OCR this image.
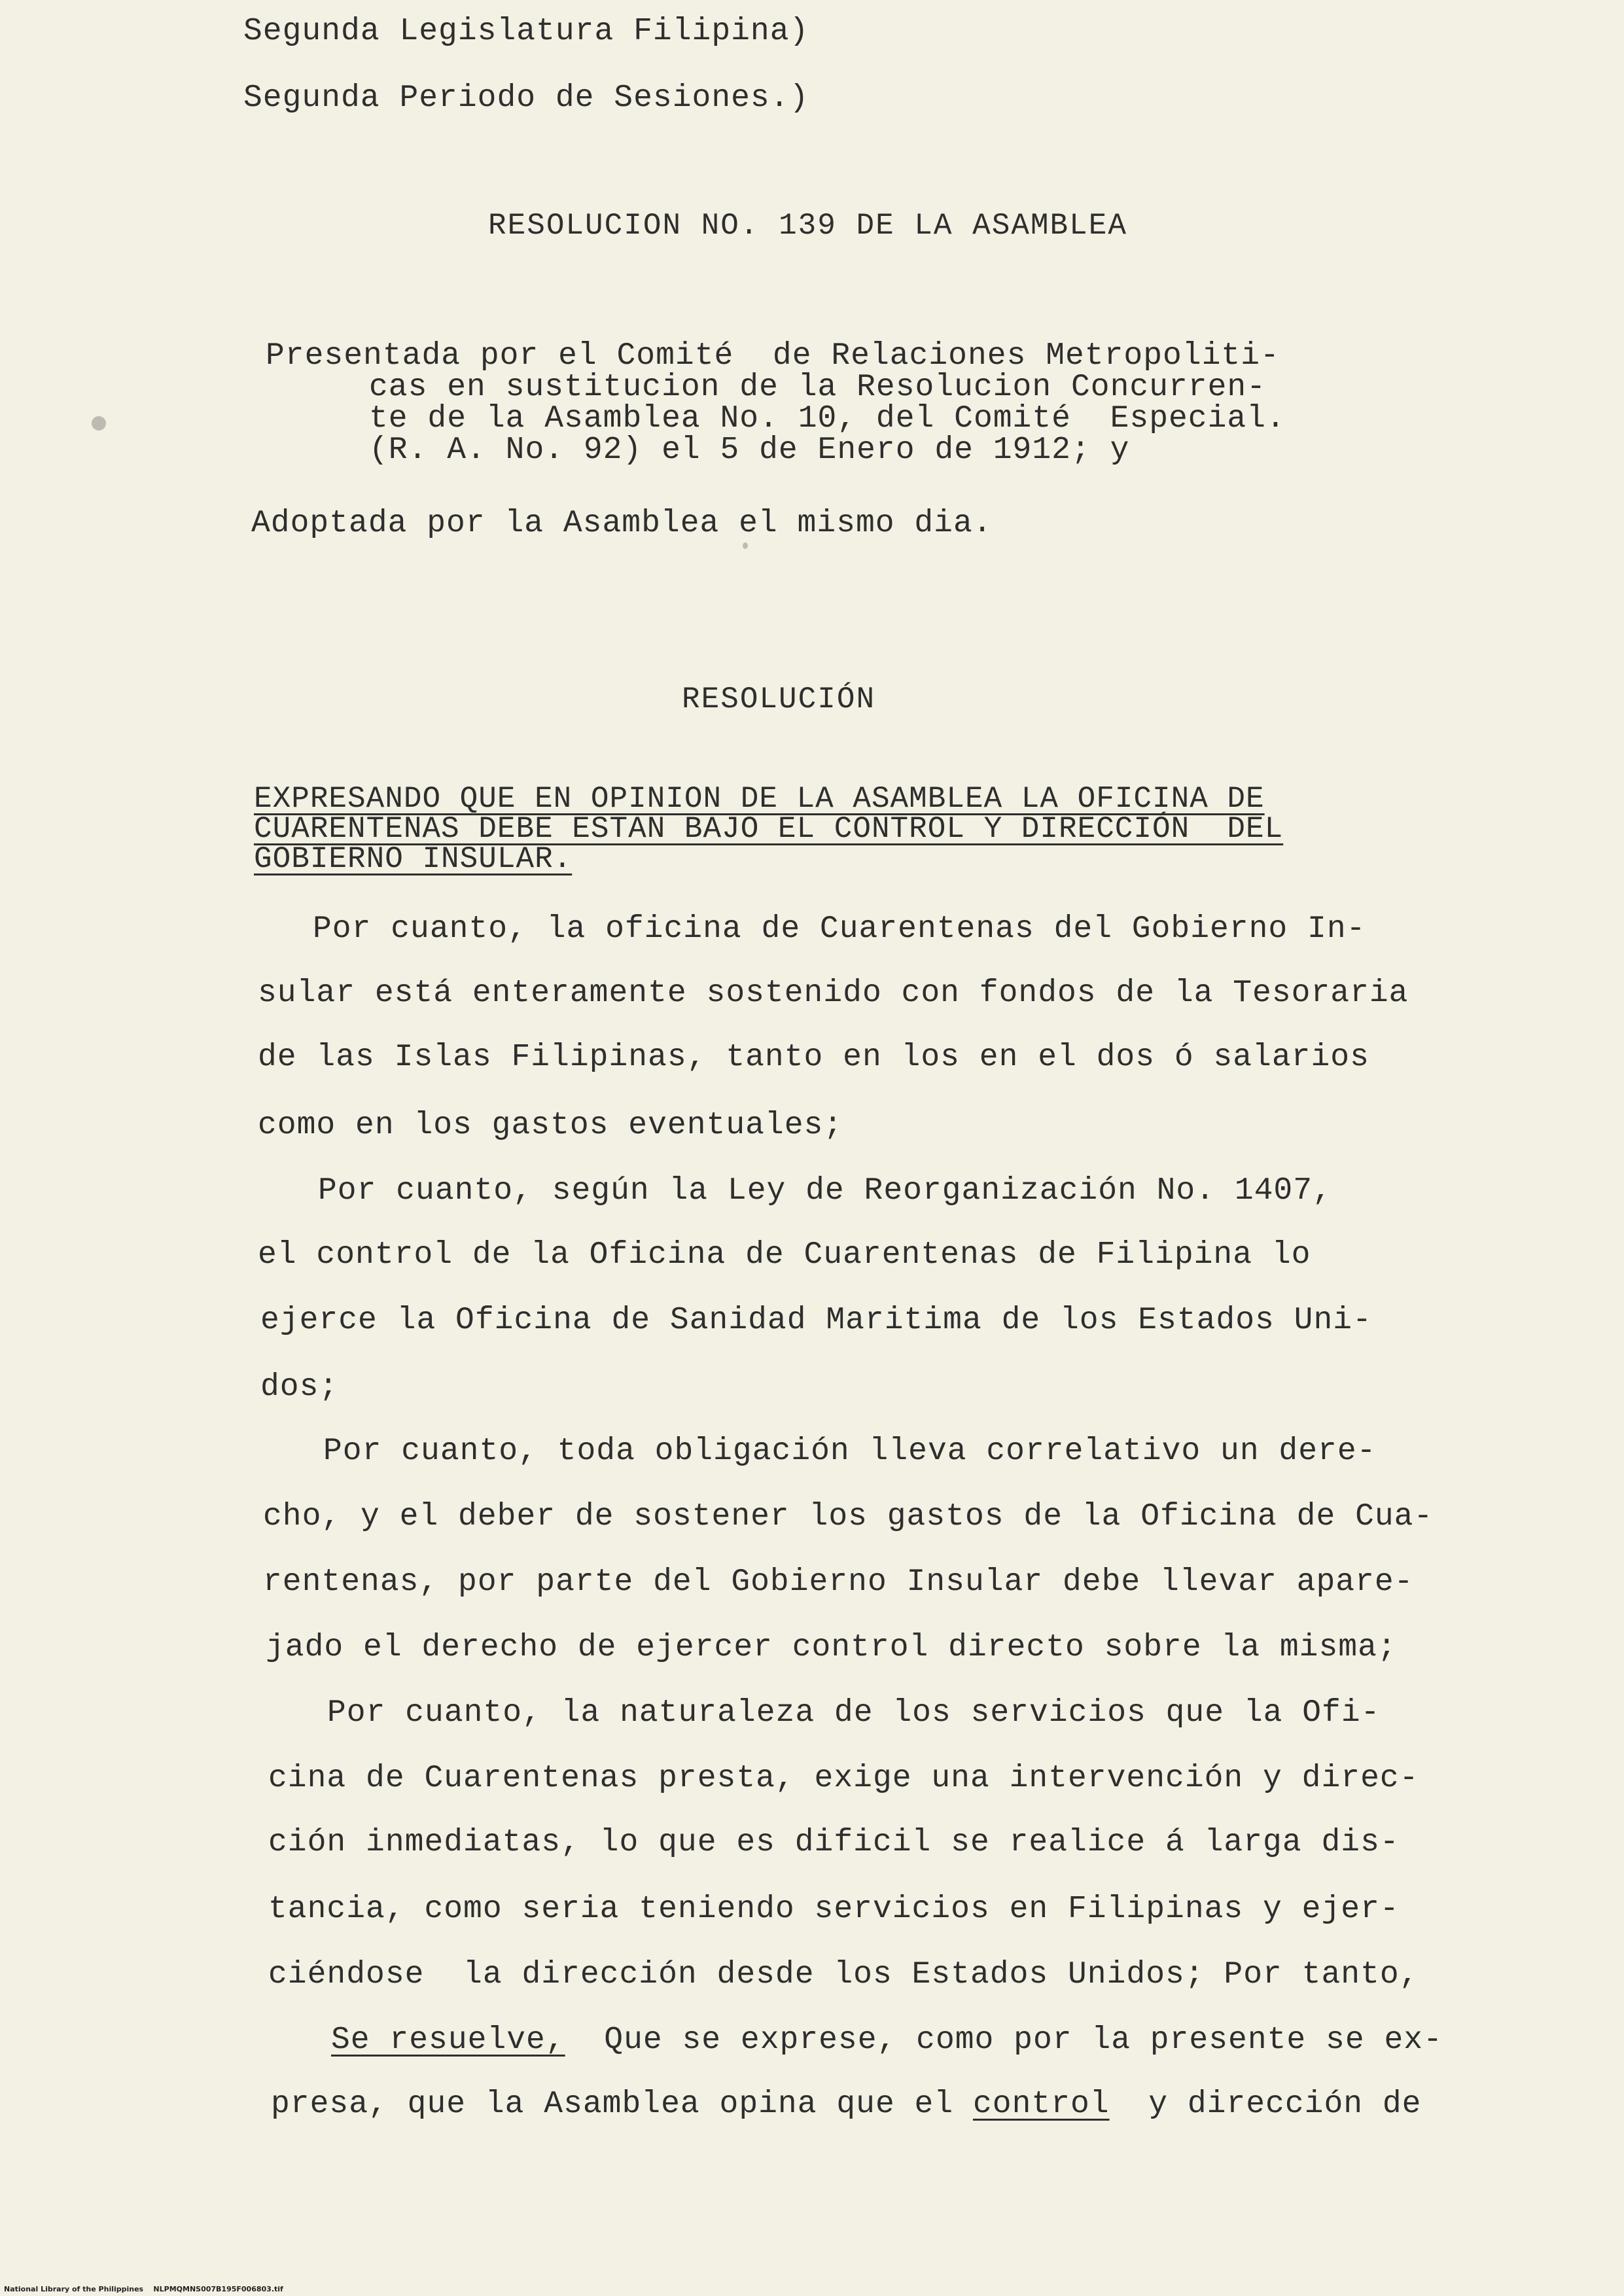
Segunda Legislatura Filipina)
Segunda Periodo de Sesiones.)
RESOLUCION NO. 139 DE LA ASAMBLEA
Presentada por el Comité  de Relaciones Metropoliti-
cas en sustitucion de la Resolucion Concurren-
te de la Asamblea No. 10, del Comité  Especial.
(R. A. No. 92) el 5 de Enero de 1912; y
Adoptada por la Asamblea el mismo dia.
RESOLUCIÓN
EXPRESANDO QUE EN OPINION DE LA ASAMBLEA LA OFICINA DE
CUARENTENAS DEBE ESTAN BAJO EL CONTROL Y DIRECCIÓN  DEL
GOBIERNO INSULAR.
Por cuanto, la oficina de Cuarentenas del Gobierno In-
sular está enteramente sostenido con fondos de la Tesoraria
de las Islas Filipinas, tanto en los en el dos ó salarios
como en los gastos eventuales;
Por cuanto, según la Ley de Reorganización No. 1407,
el control de la Oficina de Cuarentenas de Filipina lo
ejerce la Oficina de Sanidad Maritima de los Estados Uni-
dos;
Por cuanto, toda obligación lleva correlativo un dere-
cho, y el deber de sostener los gastos de la Oficina de Cua-
rentenas, por parte del Gobierno Insular debe llevar apare-
jado el derecho de ejercer control directo sobre la misma;
Por cuanto, la naturaleza de los servicios que la Ofi-
cina de Cuarentenas presta, exige una intervención y direc-
ción inmediatas, lo que es dificil se realice á larga dis-
tancia, como seria teniendo servicios en Filipinas y ejer-
ciéndose  la dirección desde los Estados Unidos; Por tanto,
Se resuelve,  Que se exprese, como por la presente se ex-
presa, que la Asamblea opina que el control  y dirección de
National Library of the Philippines    NLPMQMNS007B195F006803.tif
